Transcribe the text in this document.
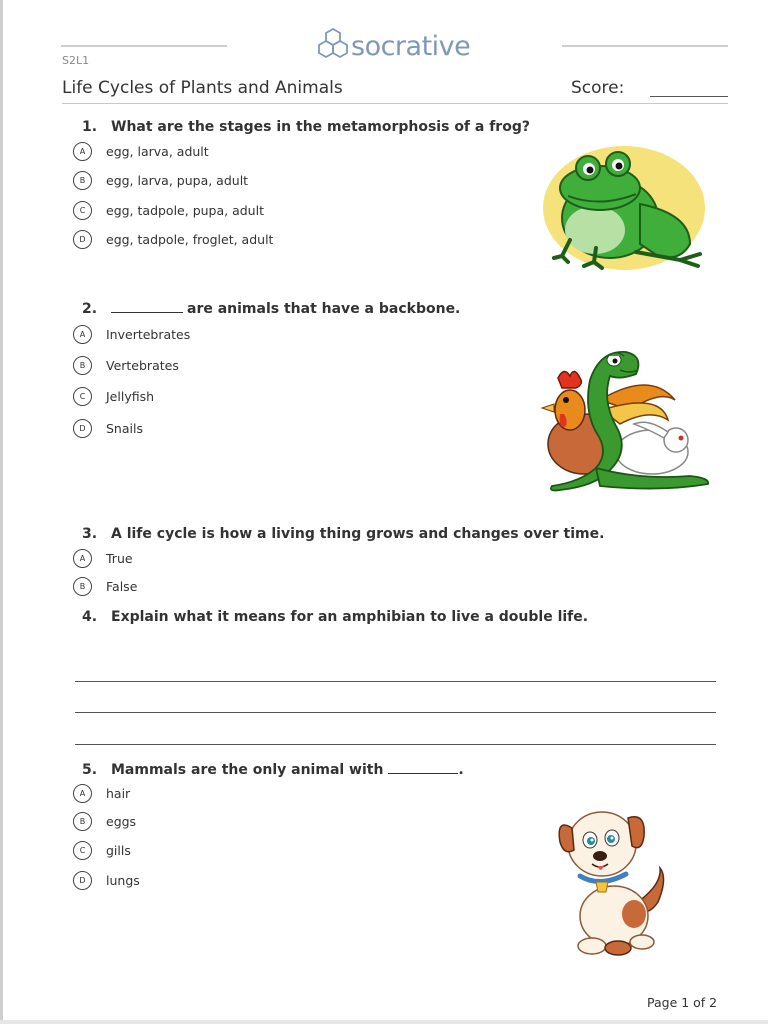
socrative
S2L1
Life Cycles of Plants and Animals	Score:
1. What are the stages in the metamorphosis of a frog?
A	egg, larva, adult
B	egg, larva, pupa, adult
C	egg, tadpole, pupa, adult
D	egg, tadpole, froglet, adult
2.	are animals that have a backbone.
A	Invertebrates
B	Vertebrates
C	Jellyfish
D	Snails
3. A life cycle is how a living thing grows and changes over time.
A	True
B	False
4. Explain what it means for an amphibian to live a double life.
5. Mammals are the only animal with	.
A	hair
B	eggs
C	gills
D	lungs
Page 1 of 2
